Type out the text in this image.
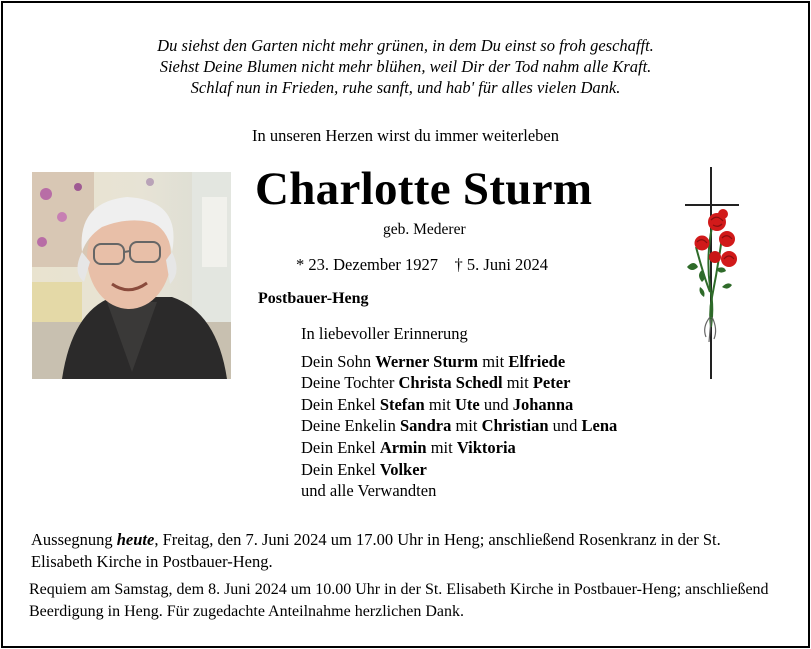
Du siehst den Garten nicht mehr grünen, in dem Du einst so froh geschafft.
Siehst Deine Blumen nicht mehr blühen, weil Dir der Tod nahm alle Kraft.
Schlaf nun in Frieden, ruhe sanft, und hab' für alles vielen Dank.
In unseren Herzen wirst du immer weiterleben
Charlotte Sturm
geb. Mederer
* 23. Dezember 1927 † 5. Juni 2024
Postbauer-Heng
In liebevoller Erinnerung
Dein Sohn Werner Sturm mit Elfriede
Deine Tochter Christa Schedl mit Peter
Dein Enkel Stefan mit Ute und Johanna
Deine Enkelin Sandra mit Christian und Lena
Dein Enkel Armin mit Viktoria
Dein Enkel Volker
und alle Verwandten
Aussegnung heute, Freitag, den 7. Juni 2024 um 17.00 Uhr in Heng; anschließend Rosenkranz in der St. Elisabeth Kirche in Postbauer-Heng.
Requiem am Samstag, dem 8. Juni 2024 um 10.00 Uhr in der St. Elisabeth Kirche in Postbauer-Heng; anschließend Beerdigung in Heng. Für zugedachte Anteilnahme herzlichen Dank.
